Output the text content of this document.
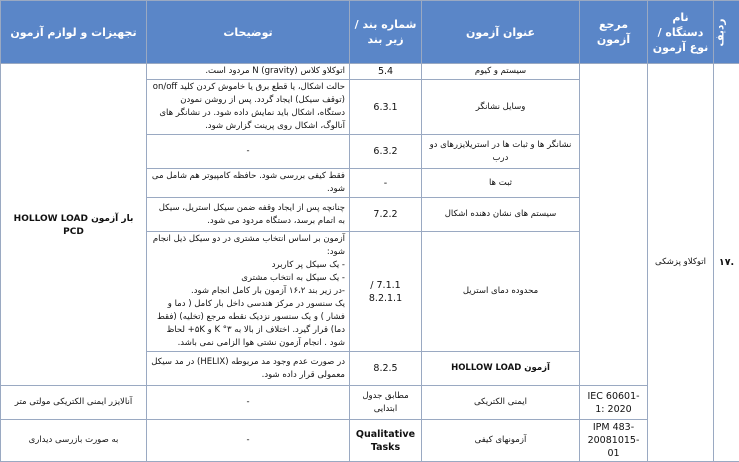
ردیف	نام دستگاه / نوع آزمون	مرجع آزمون	عنوان آزمون	شماره بند / زیر بند	توضیحات	تجهیزات و لوازم آزمون
.۱۷	اتوکلاو پزشکی		سیستم و کیوم	5.4	اتوکلاو کلاس N (gravity) مردود است.	بار آزمون HOLLOW LOAD PCD
			وسایل نشانگر	6.3.1	حالت اشکال، یا قطع برق یا خاموش کردن کلید on/off (توقف سیکل) ایجاد گردد. پس از روشن نمودن دستگاه، اشکال باید نمایش داده شود. در نشانگر های آنالوگ، اشکال روی پرینت گزارش شود.	
			نشانگر ها و ثبات ها در استریلایزرهای دو درب	6.3.2	-	
			ثبت ها	-	فقط کیفی بررسی شود. حافظه کامپیوتر هم شامل می شود.	
			سیستم های نشان دهنده اشکال	7.2.2	چنانچه پس از ایجاد وقفه ضمن سیکل استریل، سیکل به اتمام برسد، دستگاه مردود می شود.	
			محدوده دمای استریل	7.1.1 / 8.2.1.1	آزمون بر اساس انتخاب مشتری در دو سیکل ذیل انجام شود:
- یک سیکل پر کاربرد
- یک سیکل به انتخاب مشتری
-در زیر بند ۱۶،۲ آزمون بار کامل انجام شود.
یک سنسور در مرکز هندسی داخل بار کامل ( دما و فشار ) و یک سنسور نزدیک نقطه مرجع (تخلیه) (فقط دما) قرار گیرد. اختلاف از بالا به ۳° K و ۵K+ لحاظ شود . انجام آزمون نشتی هوا الزامی نمی باشد.	

			آزمون HOLLOW LOAD	8.2.5	در صورت عدم وجود مد مربوطه (HELIX) در مد سیکل معمولی قرار داده شود.	
		IEC 60601-1: 2020	ایمنی الکتریکی	مطابق جدول ابتدایی	-	آنالایزر ایمنی الکتریکی مولتی متر
		IPM 483-20081015-01	آزمونهای کیفی	Qualitative Tasks	-	به صورت بازرسی دیداری
